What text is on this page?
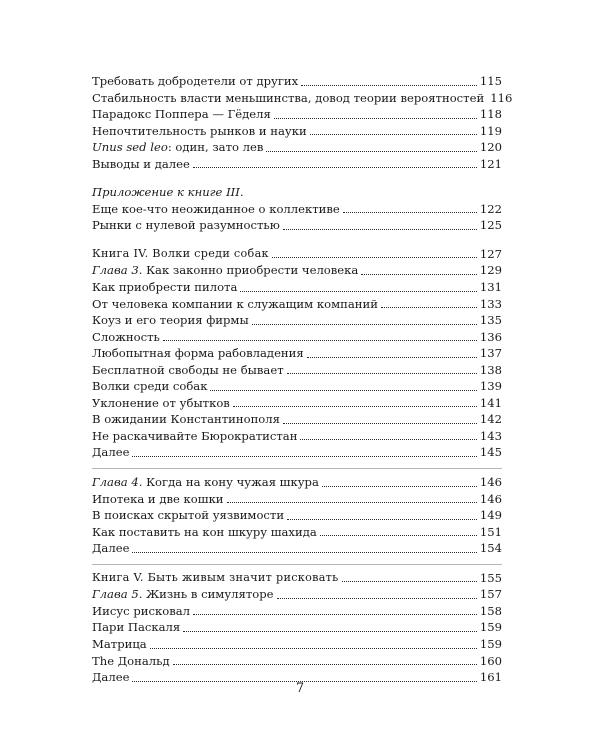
Требовать добродетели от других	115
Стабильность власти меньшинства, довод теории вероятностей 116
Парадокс Поппера — Гёделя	118
Непочтительность рынков и науки	119
Unus sed leo: один, зато лев	120
Выводы и далее	121
Приложение к книге III.
Еще кое-что неожиданное о коллективе	122
Рынки с нулевой разумностью	125
Книга IV. Волки среди собак	127
Глава 3. Как законно приобрести человека	129
Как приобрести пилота	131
От человека компании к служащим компаний	133
Коуз и его теория фирмы	135
Сложность	136
Любопытная форма рабовладения	137
Бесплатной свободы не бывает	138
Волки среди собак	139
Уклонение от убытков	141
В ожидании Константинополя	142
Не раскачивайте Бюрократистан	143
Далее	145
Глава 4. Когда на кону чужая шкура	146
Ипотека и две кошки	146
В поисках скрытой уязвимости	149
Как поставить на кон шкуру шахида	151
Далее	154
Книга V. Быть живым значит рисковать	155
Глава 5. Жизнь в симуляторе	157
Иисус рисковал	158
Пари Паскаля	159
Матрица	159
The Дональд	160
Далее	161
7
